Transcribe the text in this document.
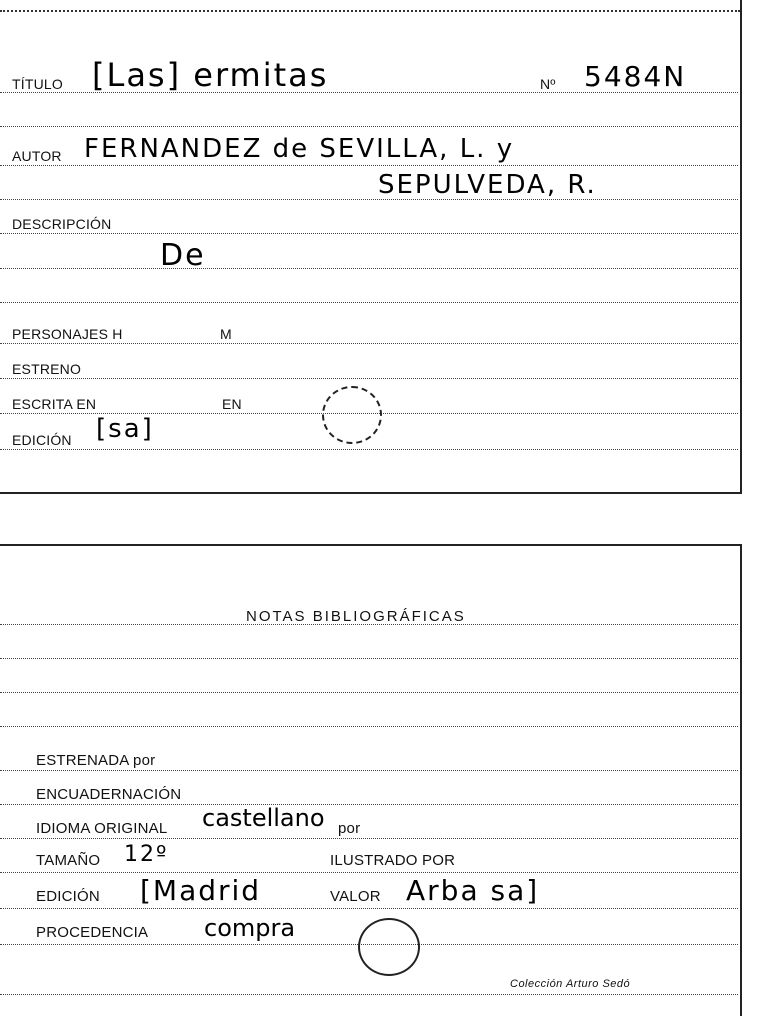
TÍTULO [Las] ermitas	Nº 5484N
AUTOR FERNANDEZ de SEVILLA, L. y
SEPULVEDA, R.
DESCRIPCIÓN
De
PERSONAJES H	M
ESTRENO
ESCRITA EN	EN
EDICIÓN [sa]
NOTAS BIBLIOGRÁFICAS
ESTRENADA por
ENCUADERNACIÓN
IDIOMA ORIGINAL castellano por
TAMAÑO 12º	ILUSTRADO POR
EDICIÓN [Madrid	VALOR Arba sa]
PROCEDENCIA compra
Colección Arturo Sedó
